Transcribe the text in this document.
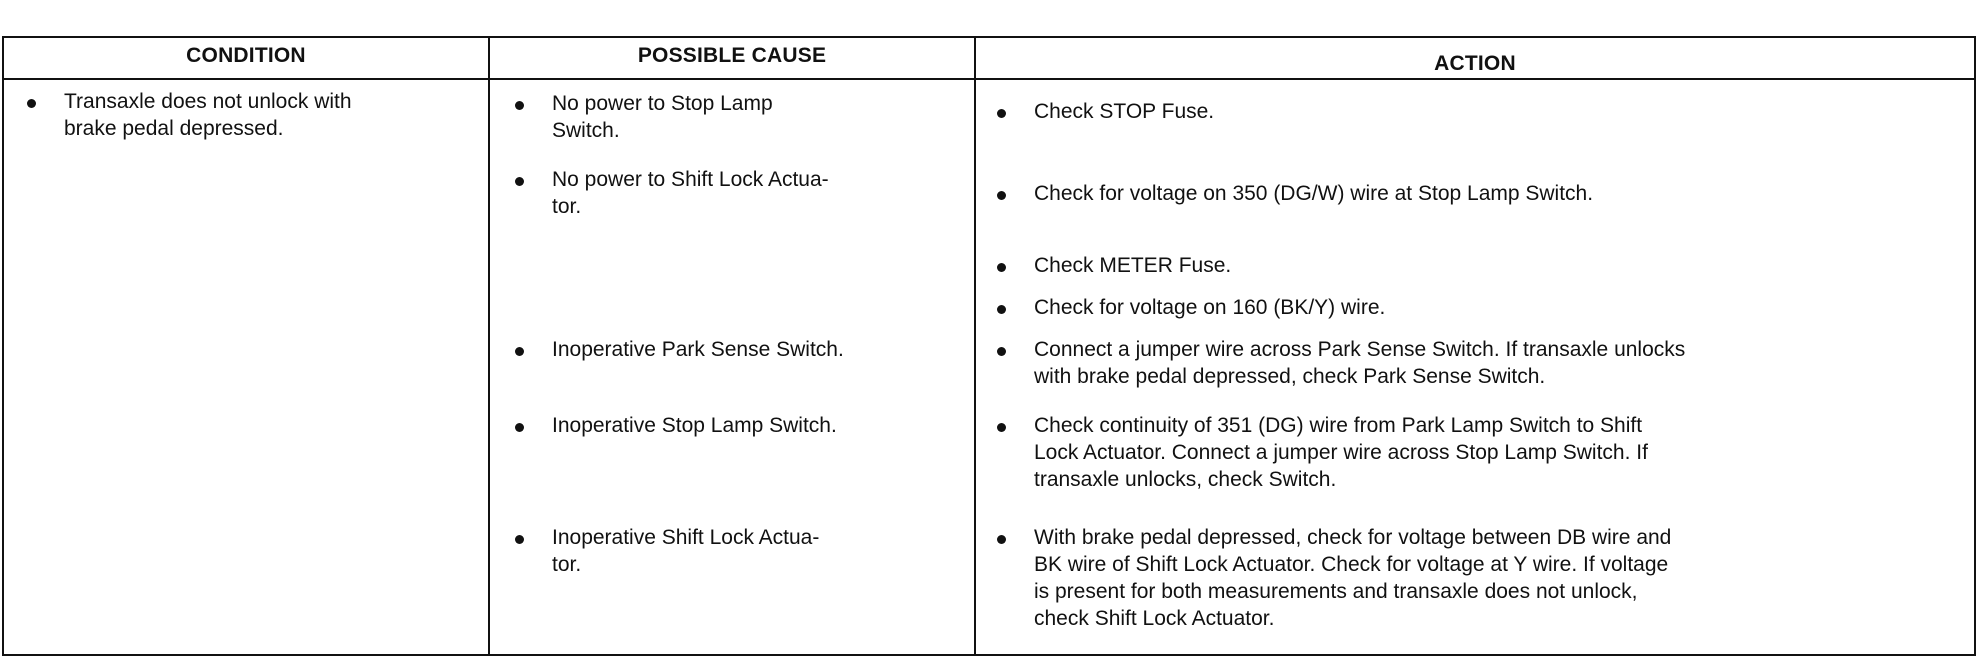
CONDITION	POSSIBLE CAUSE	ACTION
Transaxle does not unlock with
brake pedal depressed.
No power to Stop Lamp
Switch.
No power to Shift Lock Actua-
tor.
Inoperative Park Sense Switch.
Inoperative Stop Lamp Switch.
Inoperative Shift Lock Actua-
tor.
Check STOP Fuse.
Check for voltage on 350 (DG/W) wire at Stop Lamp Switch.
Check METER Fuse.
Check for voltage on 160 (BK/Y) wire.
Connect a jumper wire across Park Sense Switch. If transaxle unlocks
with brake pedal depressed, check Park Sense Switch.
Check continuity of 351 (DG) wire from Park Lamp Switch to Shift
Lock Actuator. Connect a jumper wire across Stop Lamp Switch. If
transaxle unlocks, check Switch.
With brake pedal depressed, check for voltage between DB wire and
BK wire of Shift Lock Actuator. Check for voltage at Y wire. If voltage
is present for both measurements and transaxle does not unlock,
check Shift Lock Actuator.
